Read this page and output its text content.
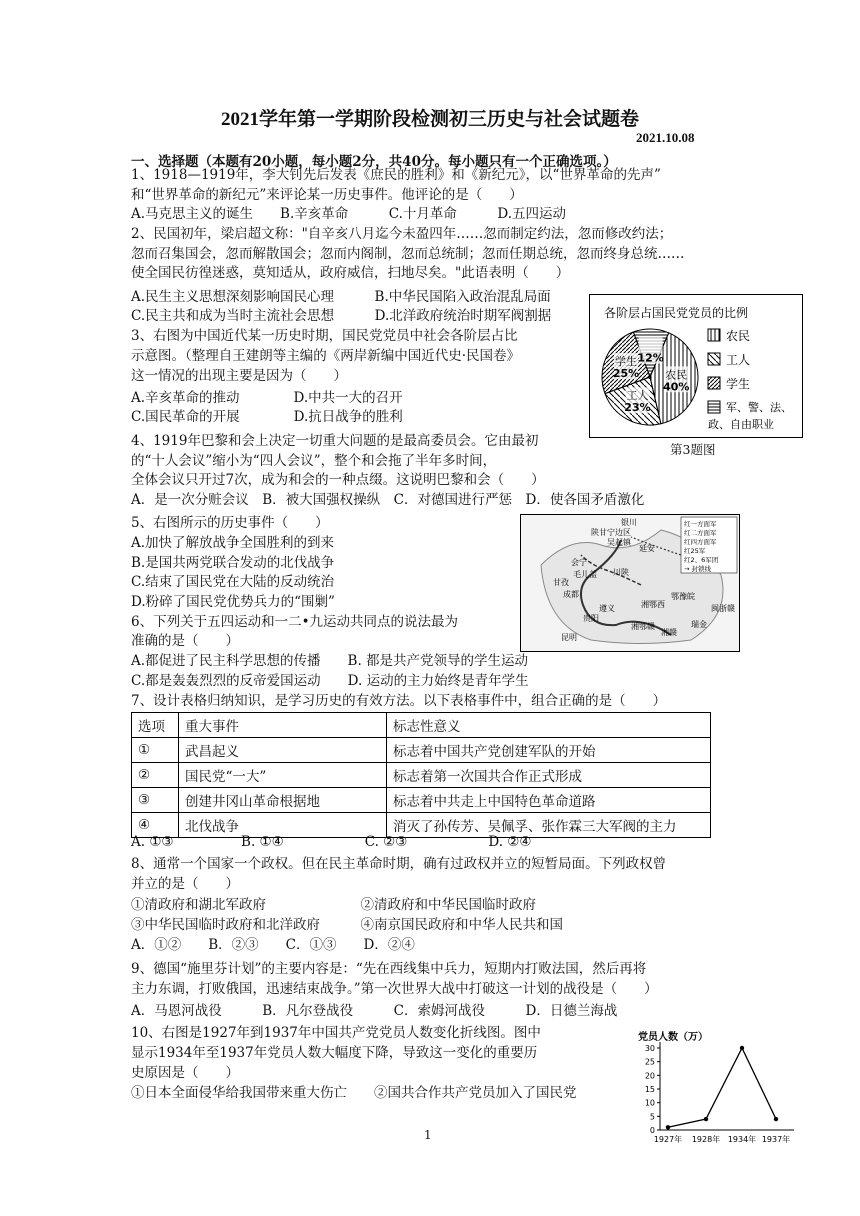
2021学年第一学期阶段检测初三历史与社会试题卷
2021.10.08
一、选择题（本题有20小题，每小题2分，共40分。每小题只有一个正确选项。）
1、1918—1919年，李大钊先后发表《庶民的胜利》和《新纪元》，以“世界革命的先声”
和“世界革命的新纪元”来评论某一历史事件。他评论的是（　　）
A.马克思主义的诞生　　B.辛亥革命　　　C.十月革命　　　D.五四运动
2、民国初年，梁启超文称："自辛亥八月迄今未盈四年……忽而制定约法，忽而修改约法；
忽而召集国会，忽而解散国会；忽而内阁制，忽而总统制；忽而任期总统，忽而终身总统……
使全国民彷徨迷惑，莫知适从，政府威信，扫地尽矣。"此语表明（　　）
A.民生主义思想深刻影响国民心理　　　B.中华民国陷入政治混乱局面
C.民主共和成为当时主流社会思想　　　D.北洋政府统治时期军阀割据
3、右图为中国近代某一历史时期，国民党党员中社会各阶层占比
示意图。（整理自王建朗等主编的《两岸新编中国近代史·民国卷》
这一情况的出现主要是因为（　　）
A.辛亥革命的推动　　　　D.中共一大的召开
C.国民革命的开展　　　　D.抗日战争的胜利
4、1919年巴黎和会上决定一切重大问题的是最高委员会。它由最初
的“十人会议”缩小为“四人会议”，整个和会拖了半年多时间，
全体会议只开过7次，成为和会的一种点缀。这说明巴黎和会（　　）
A．是一次分赃会议　B．被大国强权操纵　C．对德国进行严惩　D．使各国矛盾激化
5、右图所示的历史事件（　　）
A.加快了解放战争全国胜利的到来
B.是国共两党联合发动的北伐战争
C.结束了国民党在大陆的反动统治
D.粉碎了国民党优势兵力的“围剿”
6、下列关于五四运动和一二•九运动共同点的说法最为
准确的是（　　）
A.都促进了民主科学思想的传播　　B. 都是共产党领导的学生运动
C.都是轰轰烈烈的反帝爱国运动　　D. 运动的主力始终是青年学生
7、设计表格归纳知识，是学习历史的有效方法。以下表格事件中，组合正确的是（　　）
选项	重大事件	标志性意义
①	武昌起义	标志着中国共产党创建军队的开始
②	国民党“一大”	标志着第一次国共合作正式形成
③	创建井冈山革命根据地	标志着中共走上中国特色革命道路
④	北伐战争	消灭了孙传芳、吴佩孚、张作霖三大军阀的主力
A. ①③　　　　　B. ①④　　　　　　C. ②③　　　　　　D. ②④
8、通常一个国家一个政权。但在民主革命时期，确有过政权并立的短暂局面。下列政权曾
并立的是（　　）
①清政府和湖北军政府　　　　　　　②清政府和中华民国临时政府
③中华民国临时政府和北洋政府　　　④南京国民政府和中华人民共和国
A．①②　　B．②③　　C．①③　　D．②④
9、德国“施里芬计划”的主要内容是：“先在西线集中兵力，短期内打败法国，然后再将
主力东调，打败俄国，迅速结束战争。”第一次世界大战中打破这一计划的战役是（　　）
A．马恩河战役　　　B．凡尔登战役　　　C．索姆河战役　　　D．日德兰海战
10、右图是1927年到1937年中国共产党党员人数变化折线图。图中
显示1934年至1937年党员人数大幅度下降，导致这一变化的重要历
史原因是（　　）
①日本全面侵华给我国带来重大伤亡　　②国共合作共产党员加入了国民党
1
各阶层占国民党党员的比例
农民
40%
工人
23%
学生
25%
12%
农民
工人
学生
军、警、法、
政、自由职业
第3题图
银川
陕甘宁边区
吴起镇
延安
会宁
甘孜
毛儿盖 川陕
成都
遵义
贵阳
昆明
瑞金
湘鄂西
鄂豫皖
湘鄂赣
闽浙赣
湘赣
红一方面军
红二方面军
红四方面军
红25军
红2、6军团
→ 封锁线
党员人数（万）
0
5
10
15
20
25
30
1927年 1928年 1934年 1937年
